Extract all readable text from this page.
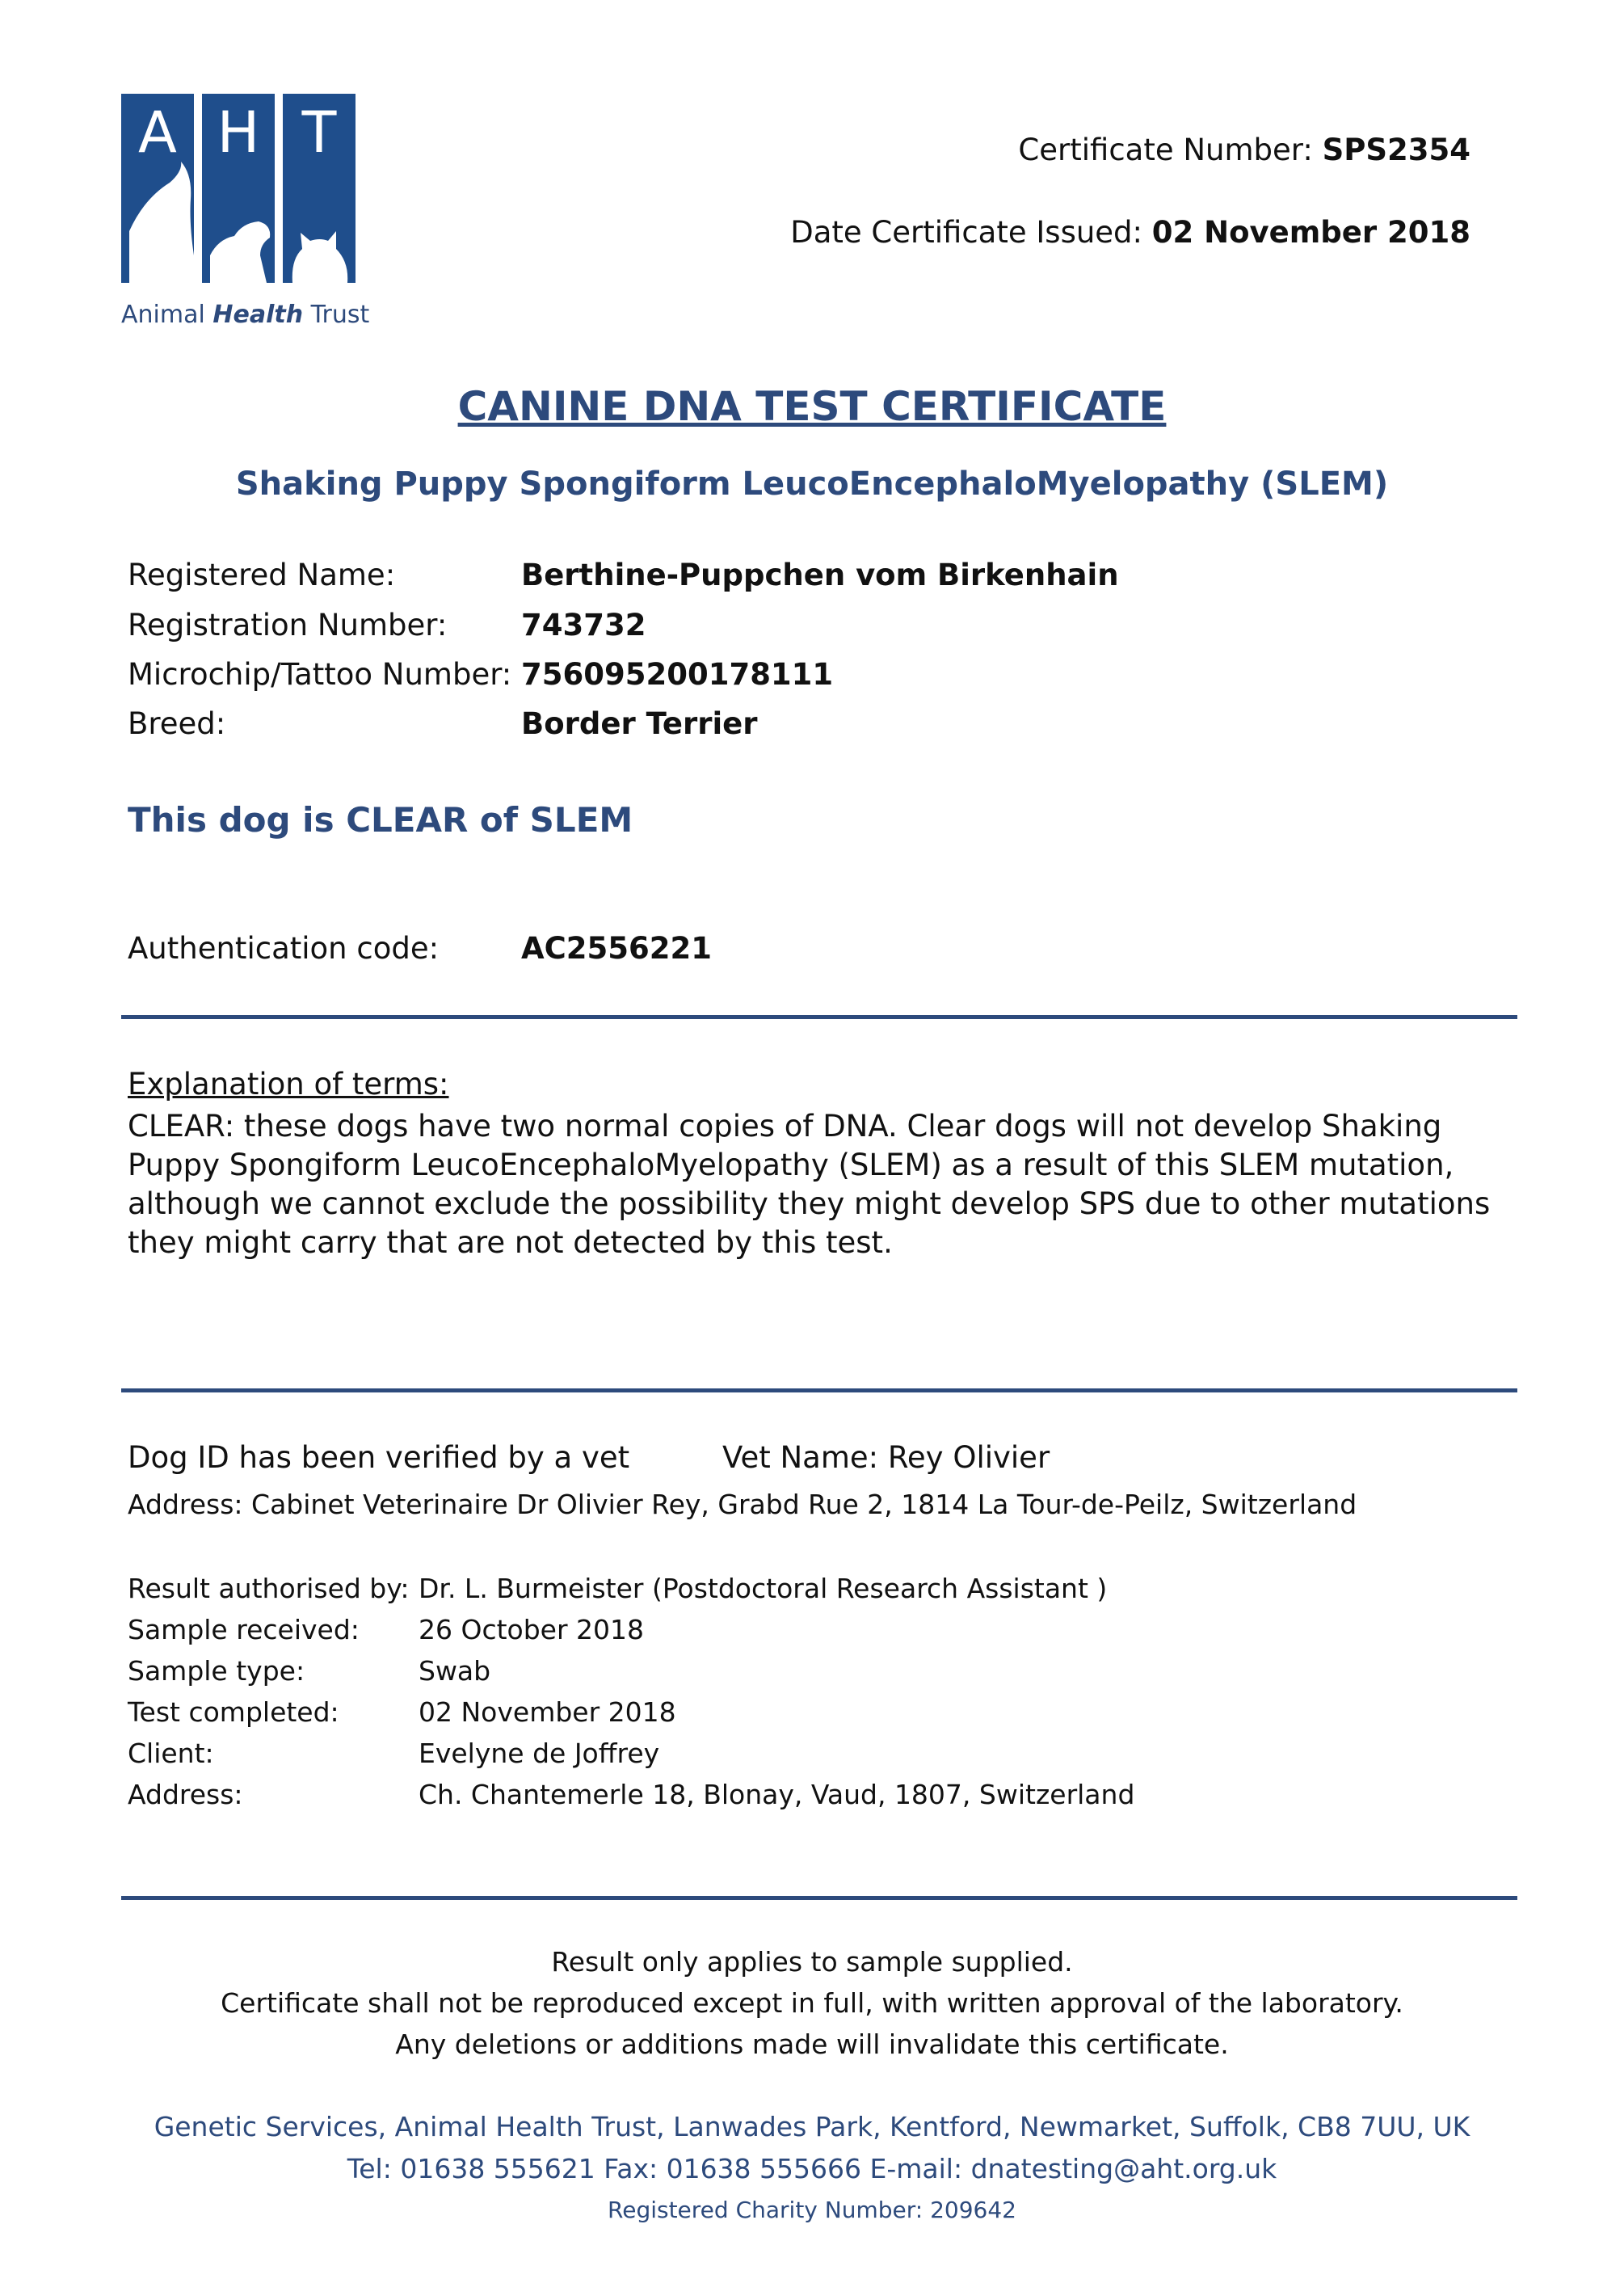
A H T
Animal Health Trust
Certificate Number: SPS2354
Date Certificate Issued: 02 November 2018
CANINE DNA TEST CERTIFICATE
Shaking Puppy Spongiform LeucoEncephaloMyelopathy (SLEM)
Registered Name:	Berthine-Puppchen vom Birkenhain
Registration Number: 743732
Microchip/Tattoo Number: 756095200178111
Breed:	Border Terrier
This dog is CLEAR of SLEM
Authentication code:	AC2556221
Explanation of terms:
CLEAR: these dogs have two normal copies of DNA. Clear dogs will not develop Shaking Puppy Spongiform LeucoEncephaloMyelopathy (SLEM) as a result of this SLEM mutation, although we cannot exclude the possibility they might develop SPS due to other mutations they might carry that are not detected by this test.
Dog ID has been verified by a vet	Vet Name: Rey Olivier
Address: Cabinet Veterinaire Dr Olivier Rey, Grabd Rue 2, 1814 La Tour-de-Peilz, Switzerland
Result authorised by: Dr. L. Burmeister (Postdoctoral Research Assistant )
Sample received: 26 October 2018
Sample type:	Swab
Test completed:	02 November 2018
Client:	Evelyne de Joffrey
Address:	Ch. Chantemerle 18, Blonay, Vaud, 1807, Switzerland
Result only applies to sample supplied.
Certificate shall not be reproduced except in full, with written approval of the laboratory.
Any deletions or additions made will invalidate this certificate.
Genetic Services, Animal Health Trust, Lanwades Park, Kentford, Newmarket, Suffolk, CB8 7UU, UK
Tel: 01638 555621 Fax: 01638 555666 E-mail: dnatesting@aht.org.uk
Registered Charity Number: 209642
